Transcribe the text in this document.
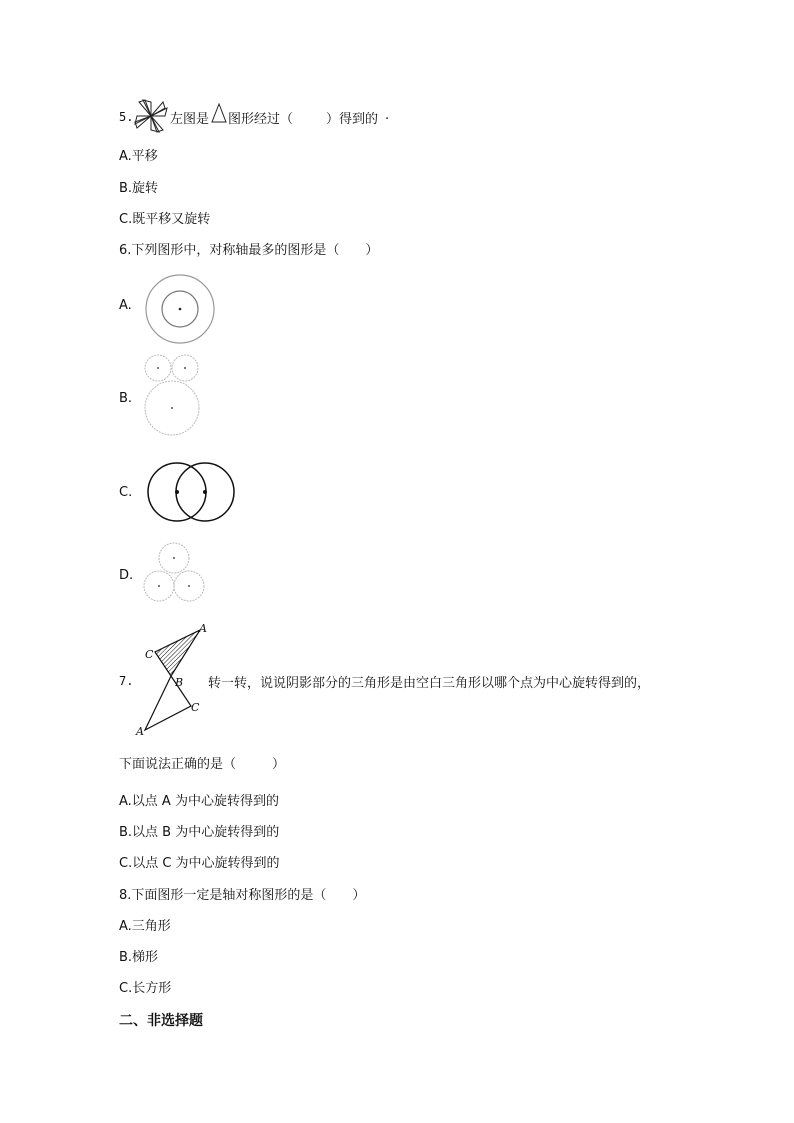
5.	左图是 图形经过（	）得到的 .
A.平移
B.旋转
C.既平移又旋转
6.下列图形中，对称轴最多的图形是（　　）
A.
B.
C.
D.
7.
A
C
B
C
A
转一转，说说阴影部分的三角形是由空白三角形以哪个点为中心旋转得到的，
下面说法正确的是（	）
A.以点 A 为中心旋转得到的
B.以点 B 为中心旋转得到的
C.以点 C 为中心旋转得到的
8.下面图形一定是轴对称图形的是（　　）
A.三角形
B.梯形
C.长方形
二、非选择题
